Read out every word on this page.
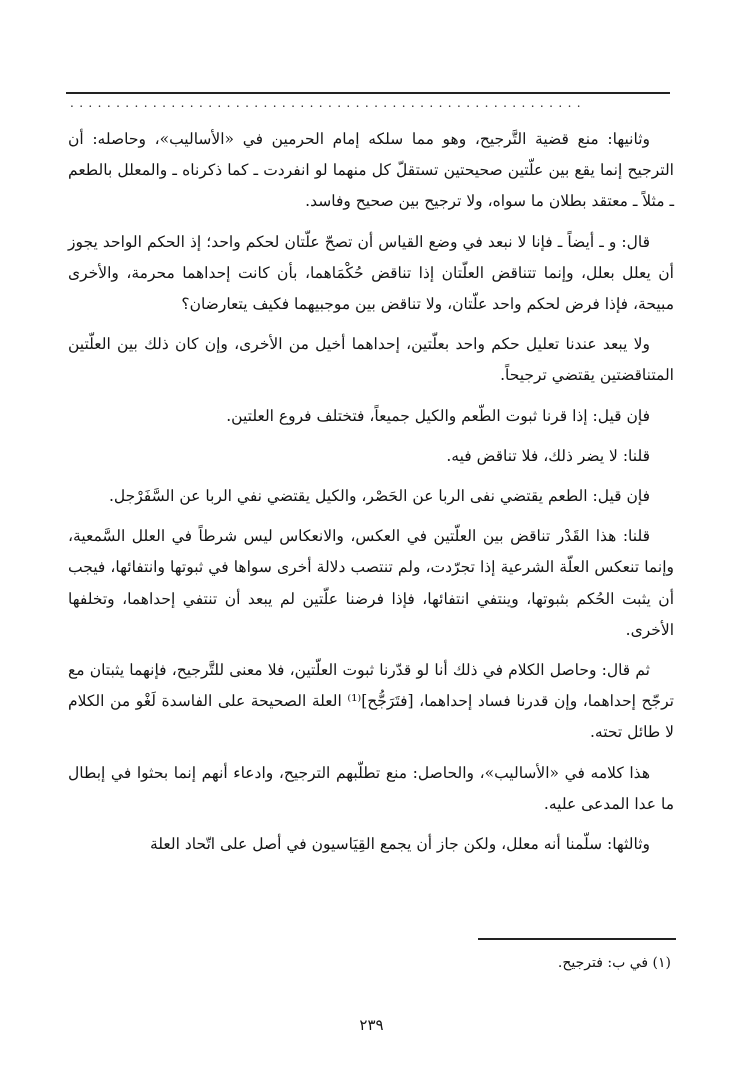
........................................................

وثانيها: منع قضية التَّرجيح، وهو مما سلكه إمام الحرمين في «الأساليب»، وحاصله: أن الترجيح إنما يقع بين علّتين صحيحتين تستقلّ كل منهما لو انفردت ـ كما ذكرناه ـ والمعلل بالطعم ـ مثلاً ـ معتقد بطلان ما سواه، ولا ترجيح بين صحيح وفاسد.

قال: و ـ أيضاً ـ فإنا لا نبعد في وضع القياس أن تصحّ علّتان لحكم واحد؛ إذ الحكم الواحد يجوز أن يعلل بعلل، وإنما تتناقض العلّتان إذا تناقض حُكْمَاهما، بأن كانت إحداهما محرمة، والأخرى مبيحة، فإذا فرض لحكم واحد علّتان، ولا تناقض بين موجبيهما فكيف يتعارضان؟

ولا يبعد عندنا تعليل حكم واحد بعلّتين، إحداهما أخيل من الأخرى، وإن كان ذلك بين العلّتين المتناقضتين يقتضي ترجيحاً.

فإن قيل: إذا قرنا ثبوت الطّعم والكيل جميعاً، فتختلف فروع العلتين.

قلنا: لا يضر ذلك، فلا تناقض فيه.

فإن قيل: الطعم يقتضي نفى الربا عن الحَصْر، والكيل يقتضي نفي الربا عن السَّفَرْجل.

قلنا: هذا القَدْر تناقض بين العلّتين في العكس، والانعكاس ليس شرطاً في العلل السَّمعية، وإنما تنعكس العلّة الشرعية إذا تجرّدت، ولم تنتصب دلالة أخرى سواها في ثبوتها وانتفائها، فيجب أن يثبت الحُكم بثبوتها، وينتفي انتفائها، فإذا فرضنا علّتين لم يبعد أن تنتفي إحداهما، وتخلفها الأخرى.

ثم قال: وحاصل الكلام في ذلك أنا لو قدّرنا ثبوت العلّتين، فلا معنى للتَّرجيح، فإنهما يثبتان مع ترجّح إحداهما، وإن قدرنا فساد إحداهما، [فتَرَجُّح]⁽¹⁾ العلة الصحيحة على الفاسدة لَغْو من الكلام لا طائل تحته.

هذا كلامه في «الأساليب»، والحاصل: منع تطلّبهم الترجيح، وادعاء أنهم إنما بحثوا في إبطال ما عدا المدعى عليه.

وثالثها: سلّمنا أنه معلل، ولكن جاز أن يجمع القِيَاسيون في أصل على اتّحاد العلة

(١) في ب: فترجيح.
٢٣٩
